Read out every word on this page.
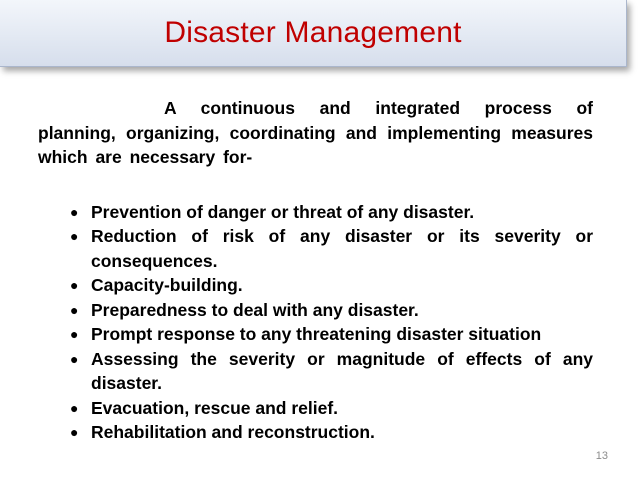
Disaster Management

A continuous and integrated process of planning, organizing, coordinating and implementing measures which are necessary for-

● Prevention of danger or threat of any disaster.
● Reduction of risk of any disaster or its severity or consequences.
● Capacity-building.
● Preparedness to deal with any disaster.
● Prompt response to any threatening disaster situation
● Assessing the severity or magnitude of effects of any disaster.
● Evacuation, rescue and relief.
● Rehabilitation and reconstruction.
13
